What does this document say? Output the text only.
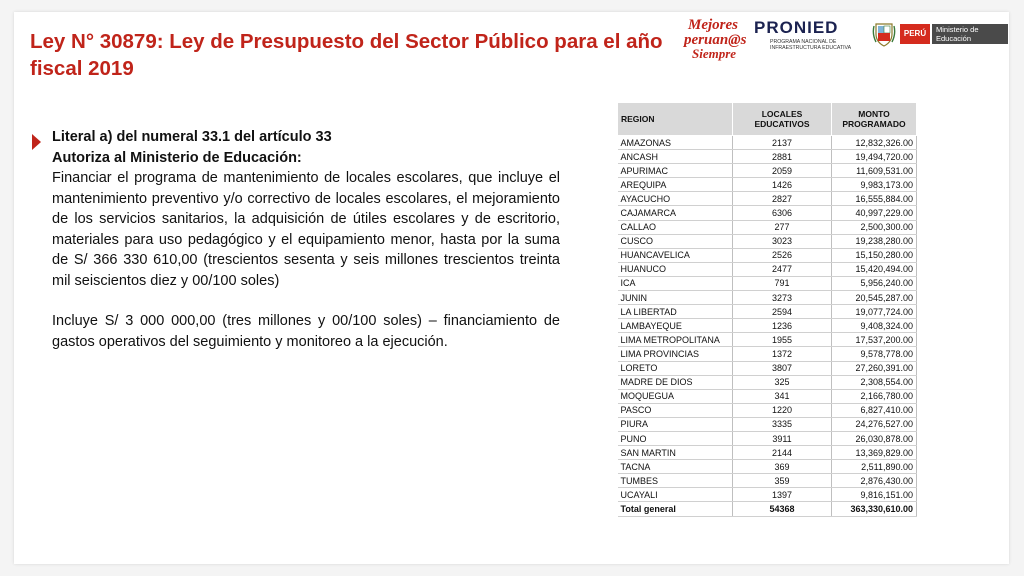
Ley N° 30879: Ley de Presupuesto del Sector Público para el año fiscal 2019
Mejores
peruan@s
Siempre
PRONIED
PROGRAMA NACIONAL DE INFRAESTRUCTURA EDUCATIVA
PERÚ	Ministerio de Educación
Literal a) del numeral 33.1 del artículo 33
Autoriza al Ministerio de Educación:
Financiar el programa de mantenimiento de locales escolares, que incluye el mantenimiento preventivo y/o correctivo de locales escolares, el mejoramiento de los servicios sanitarios, la adquisición de útiles escolares y de escritorio, materiales para uso pedagógico y el equipamiento menor, hasta por la suma de S/ 366 330 610,00 (trescientos sesenta y seis millones trescientos treinta mil seiscientos diez y 00/100 soles)
Incluye S/ 3 000 000,00 (tres millones y 00/100 soles) – financiamiento de gastos operativos del seguimiento y monitoreo a la ejecución.
REGION	LOCALES EDUCATIVOS	MONTO PROGRAMADO
AMAZONAS	2137	12,832,326.00
ANCASH	2881	19,494,720.00
APURIMAC	2059	11,609,531.00
AREQUIPA	1426	9,983,173.00
AYACUCHO	2827	16,555,884.00
CAJAMARCA	6306	40,997,229.00
CALLAO	277	2,500,300.00
CUSCO	3023	19,238,280.00
HUANCAVELICA	2526	15,150,280.00
HUANUCO	2477	15,420,494.00
ICA	791	5,956,240.00
JUNIN	3273	20,545,287.00
LA LIBERTAD	2594	19,077,724.00
LAMBAYEQUE	1236	9,408,324.00
LIMA METROPOLITANA	1955	17,537,200.00
LIMA PROVINCIAS	1372	9,578,778.00
LORETO	3807	27,260,391.00
MADRE DE DIOS	325	2,308,554.00
MOQUEGUA	341	2,166,780.00
PASCO	1220	6,827,410.00
PIURA	3335	24,276,527.00
PUNO	3911	26,030,878.00
SAN MARTIN	2144	13,369,829.00
TACNA	369	2,511,890.00
TUMBES	359	2,876,430.00
UCAYALI	1397	9,816,151.00
Total general	54368	363,330,610.00
